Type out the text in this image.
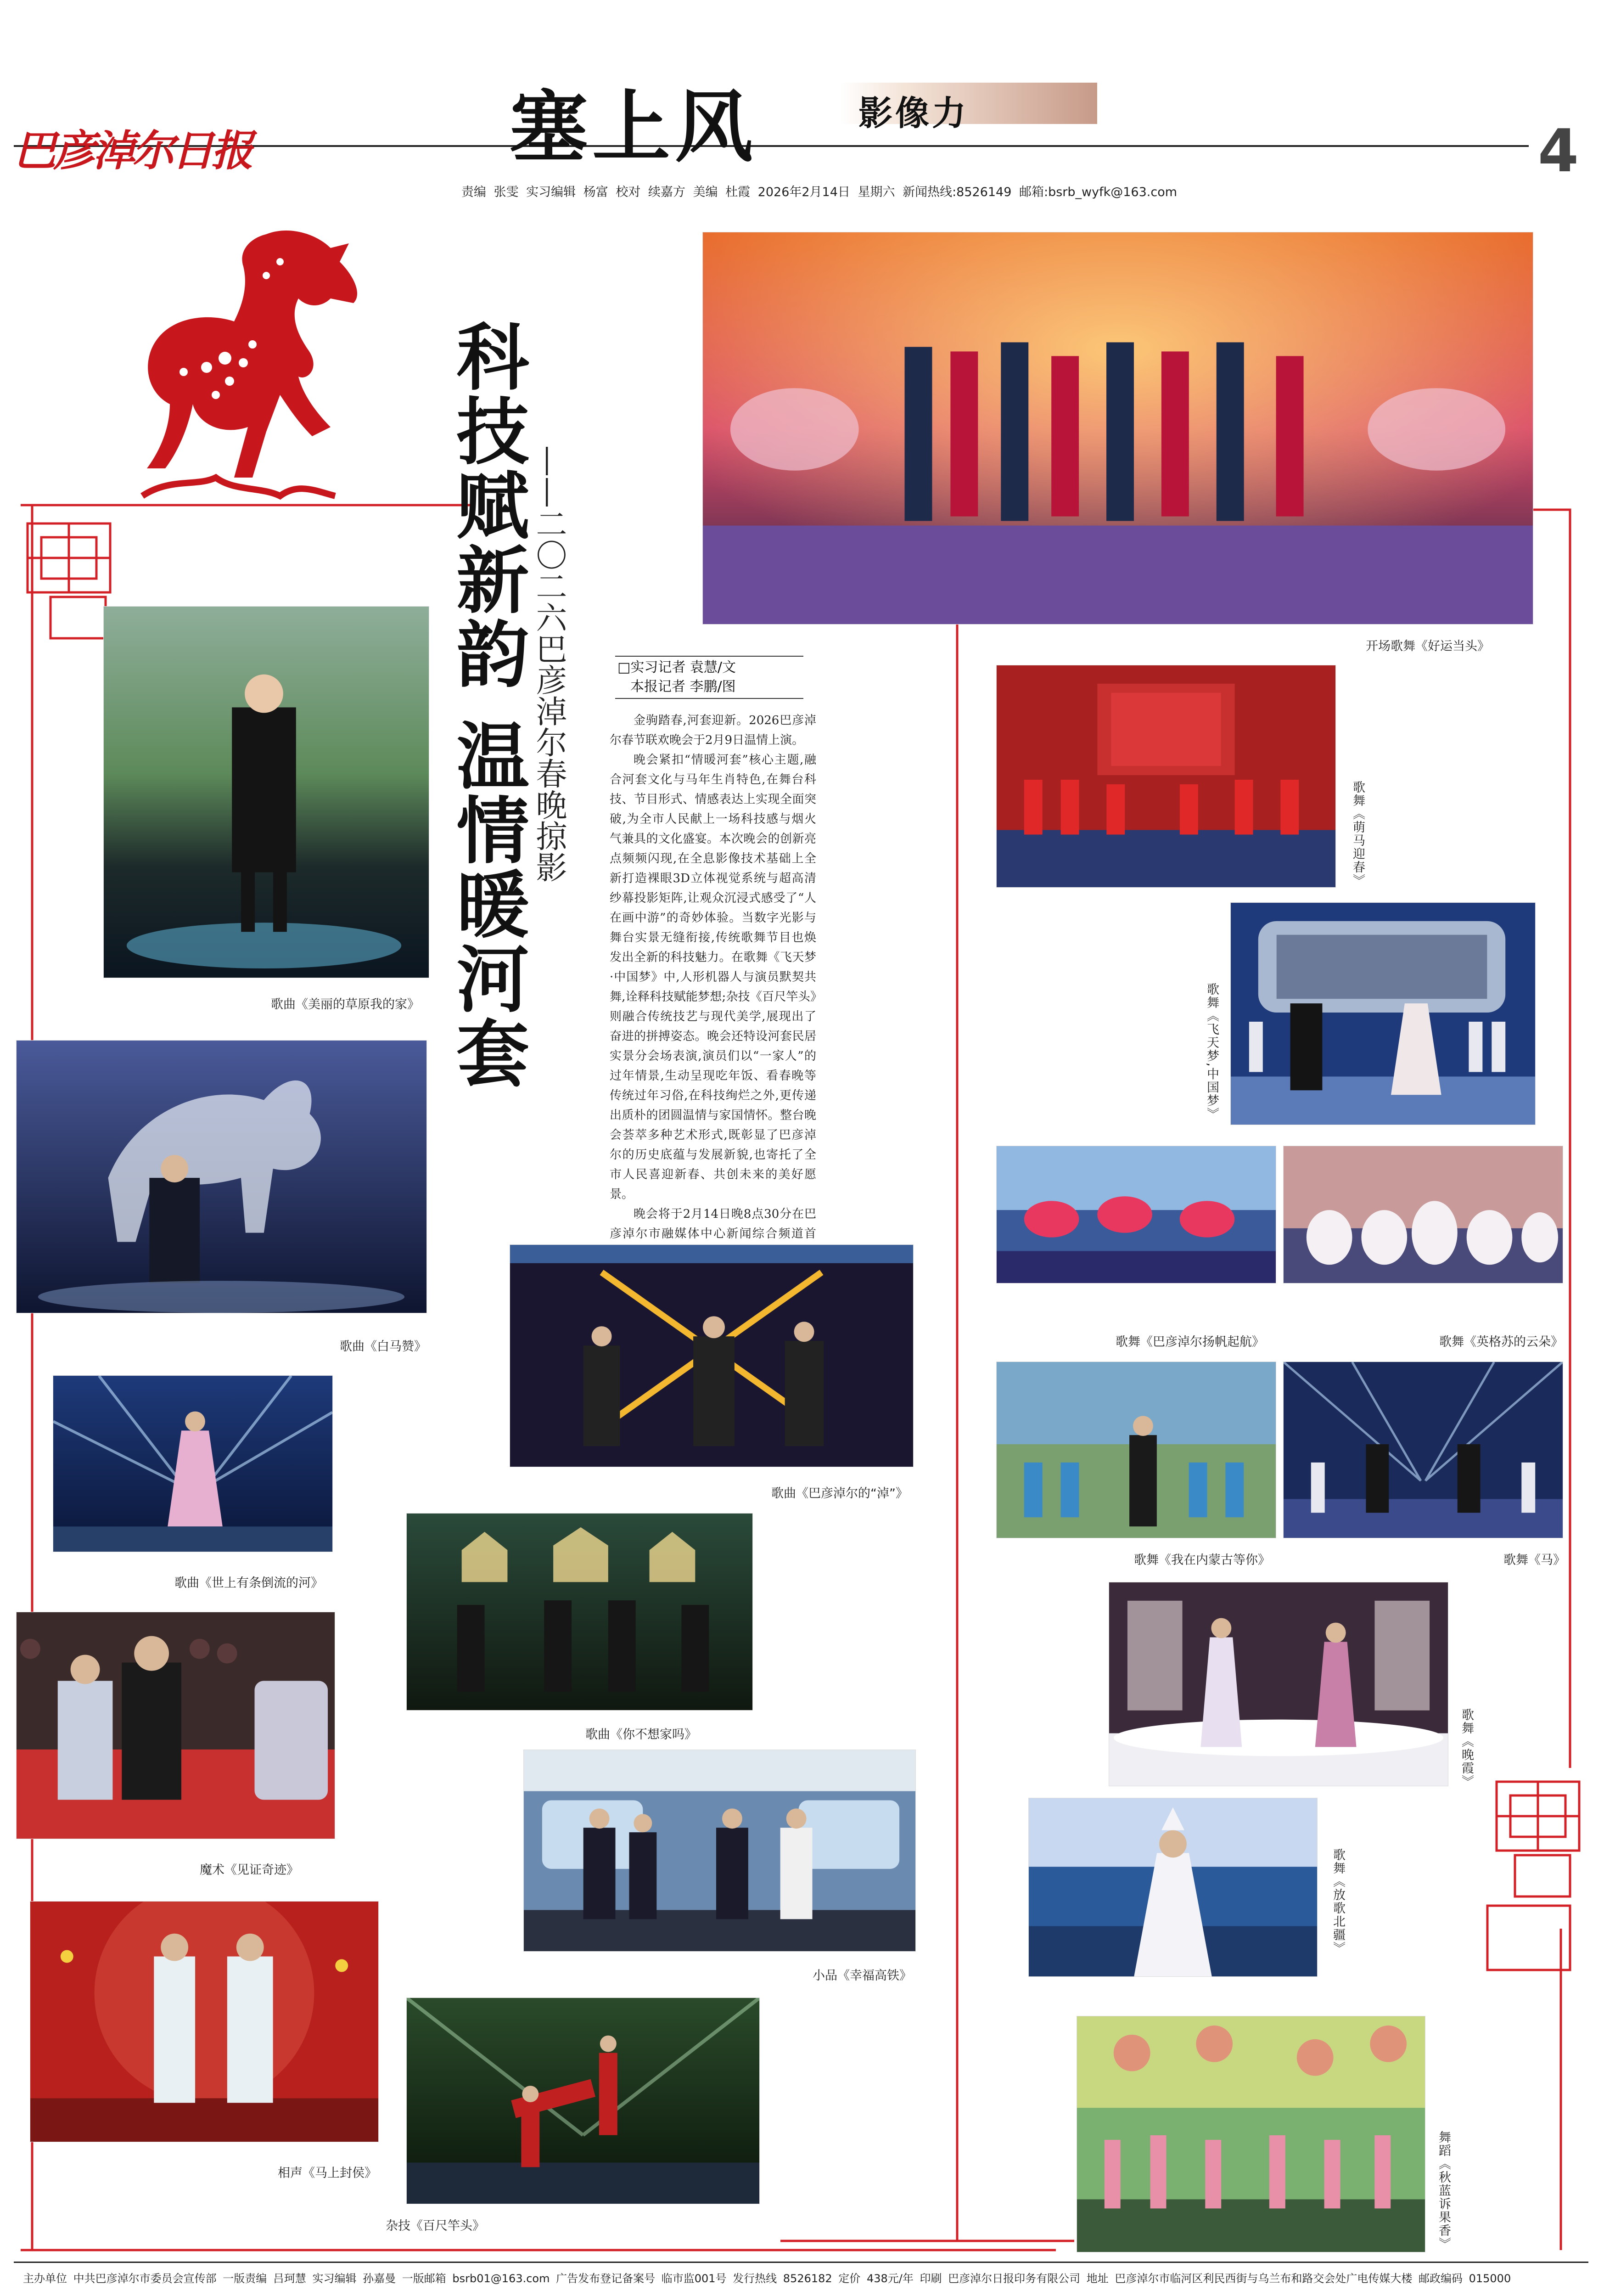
巴彦淖尔日报	塞上风	影像力
4
责编 张雯 实习编辑 杨富 校对 续嘉方 美编 杜霞 2026年2月14日 星期六 新闻热线:8526149 邮箱:bsrb_wyfk@163.com
科技赋新韵 温情暖河套 ——二〇二六巴彦淖尔春晚掠影	□实习记者 袁慧/文
本报记者 李鹏/图

金驹踏春,河套迎新。2026巴彦淖尔春节联欢晚会于2月9日温情上演。

晚会紧扣“情暖河套”核心主题,融合河套文化与马年生肖特色,在舞台科技、节目形式、情感表达上实现全面突破,为全市人民献上一场科技感与烟火气兼具的文化盛宴。本次晚会的创新亮点频频闪现,在全息影像技术基础上全新打造裸眼3D立体视觉系统与超高清纱幕投影矩阵,让观众沉浸式感受了“人在画中游”的奇妙体验。当数字光影与舞台实景无缝衔接,传统歌舞节目也焕发出全新的科技魅力。在歌舞《飞天梦·中国梦》中,人形机器人与演员默契共舞,诠释科技赋能梦想;杂技《百尺竿头》则融合传统技艺与现代美学,展现出了奋进的拼搏姿态。晚会还特设河套民居实景分会场表演,演员们以“一家人”的过年情景,生动呈现吃年饭、看春晚等传统过年习俗,在科技绚烂之外,更传递出质朴的团圆温情与家国情怀。整台晚会荟萃多种艺术形式,既彰显了巴彦淖尔的历史底蕴与发展新貌,也寄托了全市人民喜迎新春、共创未来的美好愿景。

晚会将于2月14日晚8点30分在巴彦淖尔市融媒体中心新闻综合频道首

开场歌舞《好运当头》
歌曲《美丽的草原我的家》
歌曲《白马赞》
歌曲《世上有条倒流的河》
魔术《见证奇迹》
相声《马上封侯》
歌曲《巴彦淖尔的“淖”》
歌曲《你不想家吗》
小品《幸福高铁》
杂技《百尺竿头》
歌舞《萌马迎春》
歌舞《飞天梦,中国梦》
歌舞《巴彦淖尔扬帆起航》	歌舞《英格苏的云朵》
歌舞《我在内蒙古等你》	歌舞《马》
歌舞《晚霞》
歌舞《放歌北疆》
舞蹈《秋蓝诉果香》
主办单位 中共巴彦淖尔市委员会宣传部 一版责编 吕珂慧 实习编辑 孙嘉曼 一版邮箱 bsrb01@163.com 广告发布登记备案号 临市监001号 发行热线 8526182 定价 438元/年 印刷 巴彦淖尔日报印务有限公司 地址 巴彦淖尔市临河区利民西街与乌兰布和路交会处广电传媒大楼 邮政编码 015000
